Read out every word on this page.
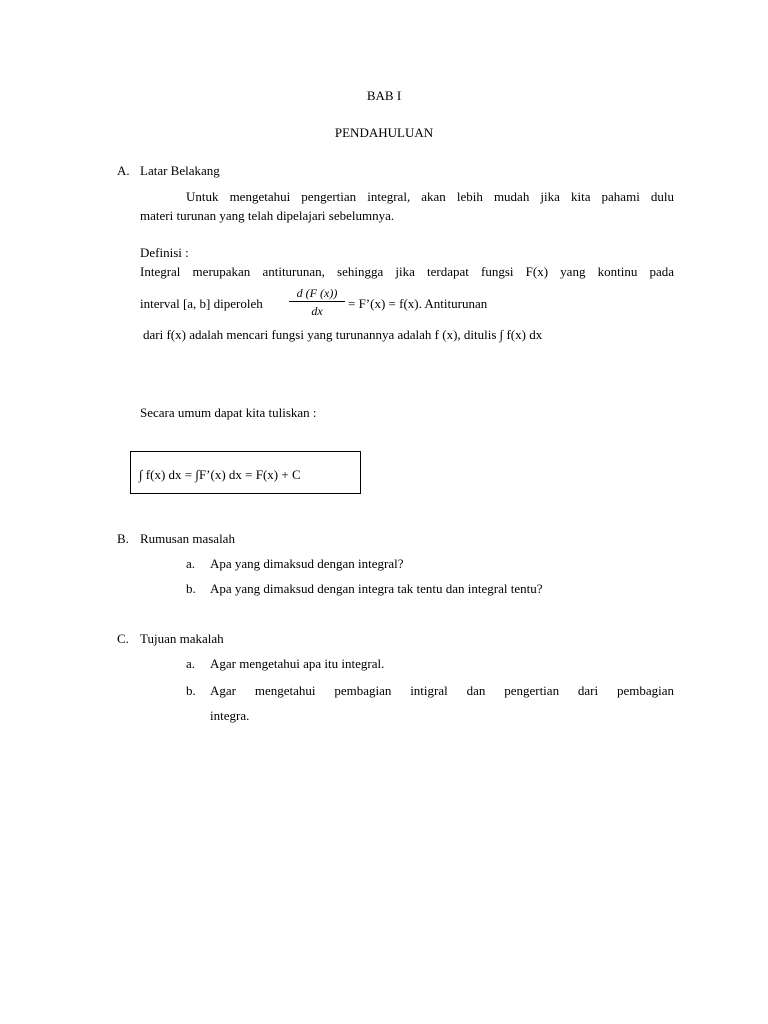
BAB I
PENDAHULUAN
A. Latar Belakang
Untuk mengetahui pengertian integral, akan lebih mudah jika kita pahami dulu
materi turunan yang telah dipelajari sebelumnya.
Definisi :
Integral merupakan antiturunan, sehingga jika terdapat fungsi F(x) yang kontinu pada
interval [a, b] diperoleh
d (F (x))
dx	= F’(x) = f(x). Antiturunan
dari f(x) adalah mencari fungsi yang turunannya adalah f (x), ditulis ∫ f(x) dx
Secara umum dapat kita tuliskan :
∫ f(x) dx = ∫F’(x) dx = F(x) + C
B. Rumusan masalah
a. Apa yang dimaksud dengan integral?
b. Apa yang dimaksud dengan integra tak tentu dan integral tentu?
C. Tujuan makalah
a. Agar mengetahui apa itu integral.
b. Agar mengetahui pembagian intigral dan pengertian dari pembagian
integra.
